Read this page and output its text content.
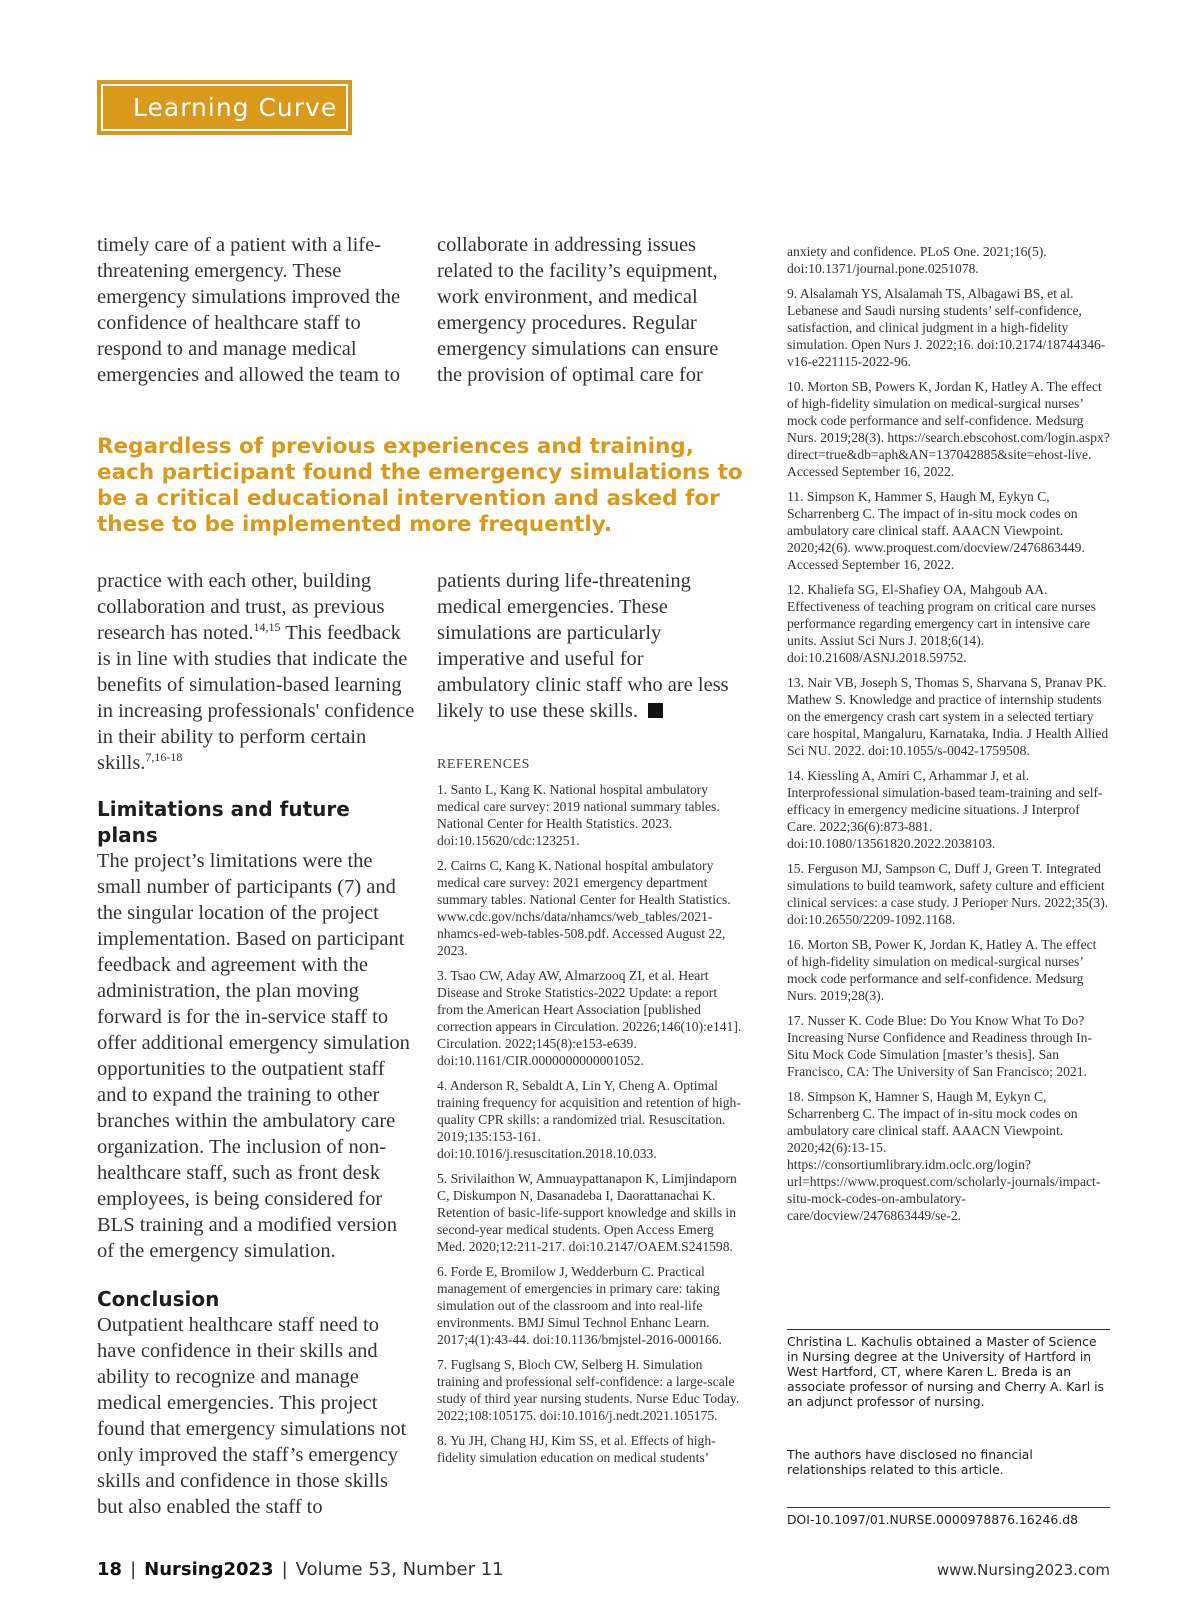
Learning Curve

timely care of a patient with a life-threatening emergency. These emergency simulations improved the confidence of healthcare staff to respond to and manage medical emergencies and allowed the team to

collaborate in addressing issues related to the facility’s equipment, work environment, and medical emergency procedures. Regular emergency simulations can ensure the provision of optimal care for

Regardless of previous experiences and training, each participant found the emergency simulations to be a critical educational intervention and asked for these to be implemented more frequently.

practice with each other, building collaboration and trust, as previous research has noted.$^{14,15}$ This feedback is in line with studies that indicate the benefits of simulation-based learning in increasing professionals' confidence in their ability to perform certain skills.$^{7,16-18}$

Limitations and future plans

The project’s limitations were the small number of participants (7) and the singular location of the project implementation. Based on participant feedback and agreement with the administration, the plan moving forward is for the in-service staff to offer additional emergency simulation opportunities to the outpatient staff and to expand the training to other branches within the ambulatory care organization. The inclusion of non-healthcare staff, such as front desk employees, is being considered for BLS training and a modified version of the emergency simulation.

Conclusion

Outpatient healthcare staff need to have confidence in their skills and ability to recognize and manage medical emergencies. This project found that emergency simulations not only improved the staff’s emergency skills and confidence in those skills but also enabled the staff to

patients during life-threatening medical emergencies. These simulations are particularly imperative and useful for ambulatory clinic staff who are less likely to use these skills.

REFERENCES

1. Santo L, Kang K. National hospital ambulatory medical care survey: 2019 national summary tables. National Center for Health Statistics. 2023. doi:10.15620/cdc:123251.

2. Cairns C, Kang K. National hospital ambulatory medical care survey: 2021 emergency department summary tables. National Center for Health Statistics. www.cdc.gov/nchs/data/nhamcs/web_tables/2021-nhamcs-ed-web-tables-508.pdf. Accessed August 22, 2023.

3. Tsao CW, Aday AW, Almarzooq ZI, et al. Heart Disease and Stroke Statistics-2022 Update: a report from the American Heart Association [published correction appears in Circulation. 20226;146(10):e141]. Circulation. 2022;145(8):e153-e639. doi:10.1161/CIR.0000000000001052.

4. Anderson R, Sebaldt A, Lin Y, Cheng A. Optimal training frequency for acquisition and retention of high-quality CPR skills: a randomized trial. Resuscitation. 2019;135:153-161. doi:10.1016/j.resuscitation.2018.10.033.

5. Srivilaithon W, Amnuaypattanapon K, Limjindaporn C, Diskumpon N, Dasanadeba I, Daorattanachai K. Retention of basic-life-support knowledge and skills in second-year medical students. Open Access Emerg Med. 2020;12:211-217. doi:10.2147/OAEM.S241598.

6. Forde E, Bromilow J, Wedderburn C. Practical management of emergencies in primary care: taking simulation out of the classroom and into real-life environments. BMJ Simul Technol Enhanc Learn. 2017;4(1):43-44. doi:10.1136/bmjstel-2016-000166.

7. Fuglsang S, Bloch CW, Selberg H. Simulation training and professional self-confidence: a large-scale study of third year nursing students. Nurse Educ Today. 2022;108:105175. doi:10.1016/j.nedt.2021.105175.

8. Yu JH, Chang HJ, Kim SS, et al. Effects of high-fidelity simulation education on medical students’

anxiety and confidence. PLoS One. 2021;16(5). doi:10.1371/journal.pone.0251078.

9. Alsalamah YS, Alsalamah TS, Albagawi BS, et al. Lebanese and Saudi nursing students’ self-confidence, satisfaction, and clinical judgment in a high-fidelity simulation. Open Nurs J. 2022;16. doi:10.2174/18744346-v16-e221115-2022-96.

10. Morton SB, Powers K, Jordan K, Hatley A. The effect of high-fidelity simulation on medical-surgical nurses’ mock code performance and self-confidence. Medsurg Nurs. 2019;28(3). https://search.ebscohost.com/login.aspx?direct=true&db=aph&AN=137042885&site=ehost-live. Accessed September 16, 2022.

11. Simpson K, Hammer S, Haugh M, Eykyn C, Scharrenberg C. The impact of in-situ mock codes on ambulatory care clinical staff. AAACN Viewpoint. 2020;42(6). www.proquest.com/docview/2476863449. Accessed September 16, 2022.

12. Khaliefa SG, El-Shafiey OA, Mahgoub AA. Effectiveness of teaching program on critical care nurses performance regarding emergency cart in intensive care units. Assiut Sci Nurs J. 2018;6(14). doi:10.21608/ASNJ.2018.59752.

13. Nair VB, Joseph S, Thomas S, Sharvana S, Pranav PK. Mathew S. Knowledge and practice of internship students on the emergency crash cart system in a selected tertiary care hospital, Mangaluru, Karnataka, India. J Health Allied Sci NU. 2022. doi:10.1055/s-0042-1759508.

14. Kiessling A, Amiri C, Arhammar J, et al. Interprofessional simulation-based team-training and self-efficacy in emergency medicine situations. J Interprof Care. 2022;36(6):873-881. doi:10.1080/13561820.2022.2038103.

15. Ferguson MJ, Sampson C, Duff J, Green T. Integrated simulations to build teamwork, safety culture and efficient clinical services: a case study. J Perioper Nurs. 2022;35(3). doi:10.26550/2209-1092.1168.

16. Morton SB, Power K, Jordan K, Hatley A. The effect of high-fidelity simulation on medical-surgical nurses’ mock code performance and self-confidence. Medsurg Nurs. 2019;28(3).

17. Nusser K. Code Blue: Do You Know What To Do? Increasing Nurse Confidence and Readiness through In-Situ Mock Code Simulation [master’s thesis]. San Francisco, CA: The University of San Francisco; 2021.

18. Simpson K, Hamner S, Haugh M, Eykyn C, Scharrenberg C. The impact of in-situ mock codes on ambulatory care clinical staff. AAACN Viewpoint. 2020;42(6):13-15. https://consortiumlibrary.idm.oclc.org/login?url=https://www.proquest.com/scholarly-journals/impact-situ-mock-codes-on-ambulatory-care/docview/2476863449/se-2.

Christina L. Kachulis obtained a Master of Science in Nursing degree at the University of Hartford in West Hartford, CT, where Karen L. Breda is an associate professor of nursing and Cherry A. Karl is an adjunct professor of nursing.
The authors have disclosed no financial relationships related to this article.
DOI-10.1097/01.NURSE.0000978876.16246.d8
18 | Nursing2023 | Volume 53, Number 11	www.Nursing2023.com
